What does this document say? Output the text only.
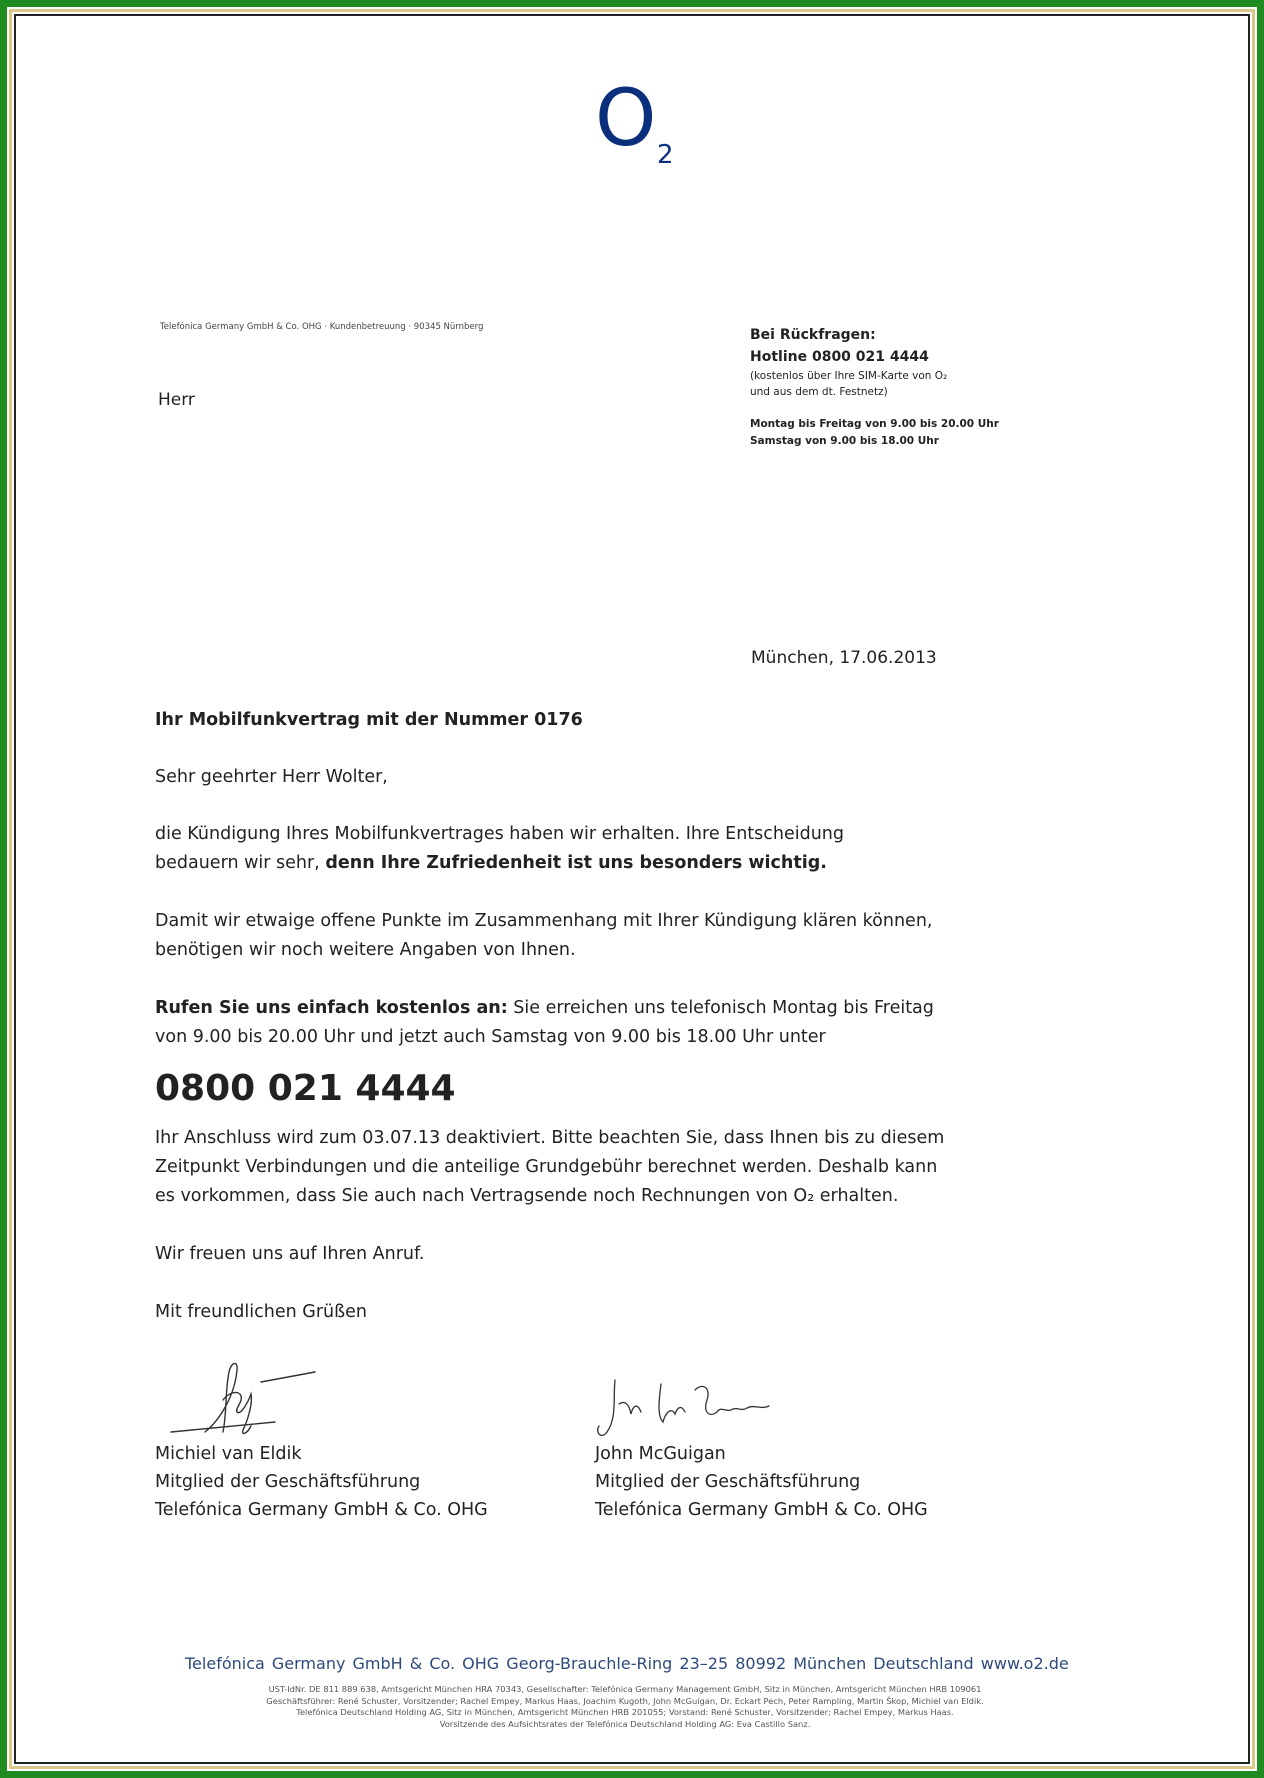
O 2
Telefónica Germany GmbH & Co. OHG · Kundenbetreuung · 90345 Nürnberg
Herr
Bei Rückfragen:
Hotline 0800 021 4444
(kostenlos über Ihre SIM-Karte von O₂
und aus dem dt. Festnetz)
Montag bis Freitag von 9.00 bis 20.00 Uhr
Samstag von 9.00 bis 18.00 Uhr
München, 17.06.2013

Ihr Mobilfunkvertrag mit der Nummer 0176

Sehr geehrter Herr Wolter,

die Kündigung Ihres Mobilfunkvertrages haben wir erhalten. Ihre Entscheidung

bedauern wir sehr, denn Ihre Zufriedenheit ist uns besonders wichtig.

Damit wir etwaige offene Punkte im Zusammenhang mit Ihrer Kündigung klären können,

benötigen wir noch weitere Angaben von Ihnen.

Rufen Sie uns einfach kostenlos an: Sie erreichen uns telefonisch Montag bis Freitag

von 9.00 bis 20.00 Uhr und jetzt auch Samstag von 9.00 bis 18.00 Uhr unter

0800 021 4444

Ihr Anschluss wird zum 03.07.13 deaktiviert. Bitte beachten Sie, dass Ihnen bis zu diesem

Zeitpunkt Verbindungen und die anteilige Grundgebühr berechnet werden. Deshalb kann

es vorkommen, dass Sie auch nach Vertragsende noch Rechnungen von O₂ erhalten.

Wir freuen uns auf Ihren Anruf.

Mit freundlichen Grüßen

Michiel van Eldik
Mitglied der Geschäftsführung
Telefónica Germany GmbH & Co. OHG
John McGuigan
Mitglied der Geschäftsführung
Telefónica Germany GmbH & Co. OHG
Telefónica Germany GmbH & Co. OHG Georg-Brauchle-Ring 23–25 80992 München Deutschland www.o2.de
UST-IdNr. DE 811 889 638, Amtsgericht München HRA 70343, Gesellschafter: Telefónica Germany Management GmbH, Sitz in München, Amtsgericht München HRB 109061
Geschäftsführer: René Schuster, Vorsitzender; Rachel Empey, Markus Haas, Joachim Kugoth, John McGuigan, Dr. Eckart Pech, Peter Rampling, Martin Škop, Michiel van Eldik.
Telefónica Deutschland Holding AG, Sitz in München, Amtsgericht München HRB 201055; Vorstand: René Schuster, Vorsitzender; Rachel Empey, Markus Haas.
Vorsitzende des Aufsichtsrates der Telefónica Deutschland Holding AG: Eva Castillo Sanz.
